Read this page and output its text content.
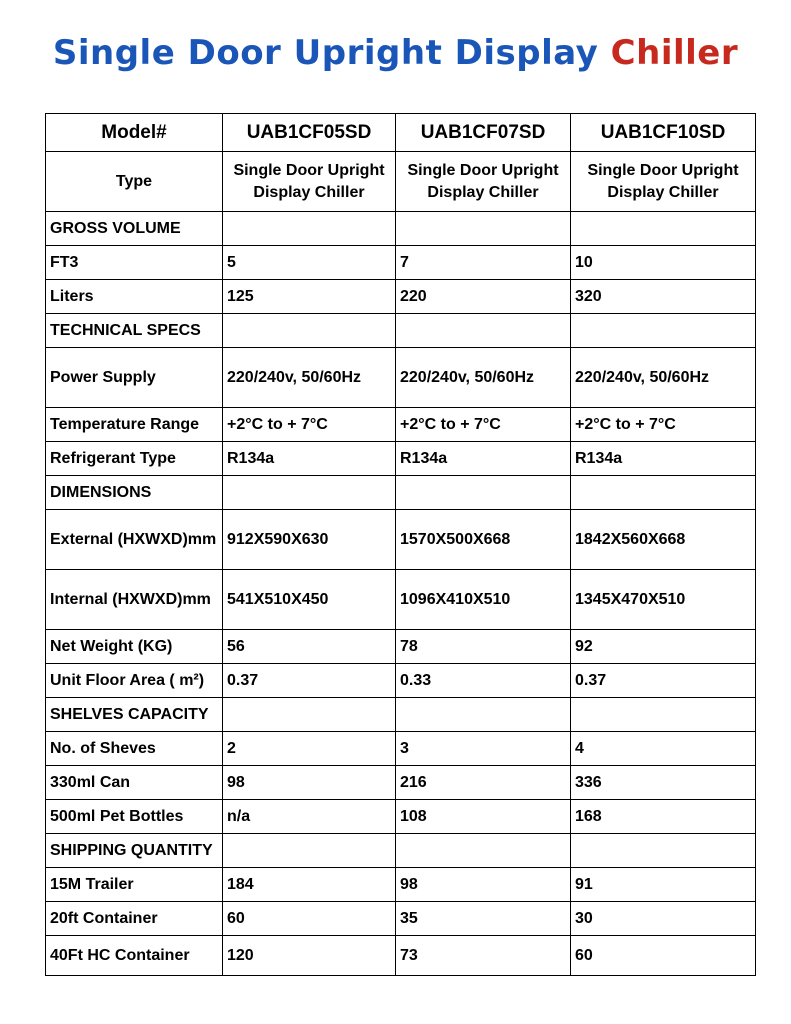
Single Door Upright Display Chiller
Model#	UAB1CF05SD	UAB1CF07SD	UAB1CF10SD
Type	Single Door Upright Display Chiller	Single Door Upright Display Chiller	Single Door Upright Display Chiller
GROSS VOLUME			
FT3	5	7	10
Liters	125	220	320
TECHNICAL SPECS			
Power Supply	220/240v, 50/60Hz	220/240v, 50/60Hz	220/240v, 50/60Hz
Temperature Range	+2°C to + 7°C	+2°C to + 7°C	+2°C to + 7°C
Refrigerant Type	R134a	R134a	R134a
DIMENSIONS			
External (HXWXD)mm	912X590X630	1570X500X668	1842X560X668
Internal (HXWXD)mm	541X510X450	1096X410X510	1345X470X510
Net Weight (KG)	56	78	92
Unit Floor Area ( m²)	0.37	0.33	0.37
SHELVES CAPACITY			
No. of Sheves	2	3	4
330ml Can	98	216	336
500ml Pet Bottles	n/a	108	168
SHIPPING QUANTITY			
15M Trailer	184	98	91
20ft Container	60	35	30
40Ft HC Container	120	73	60
